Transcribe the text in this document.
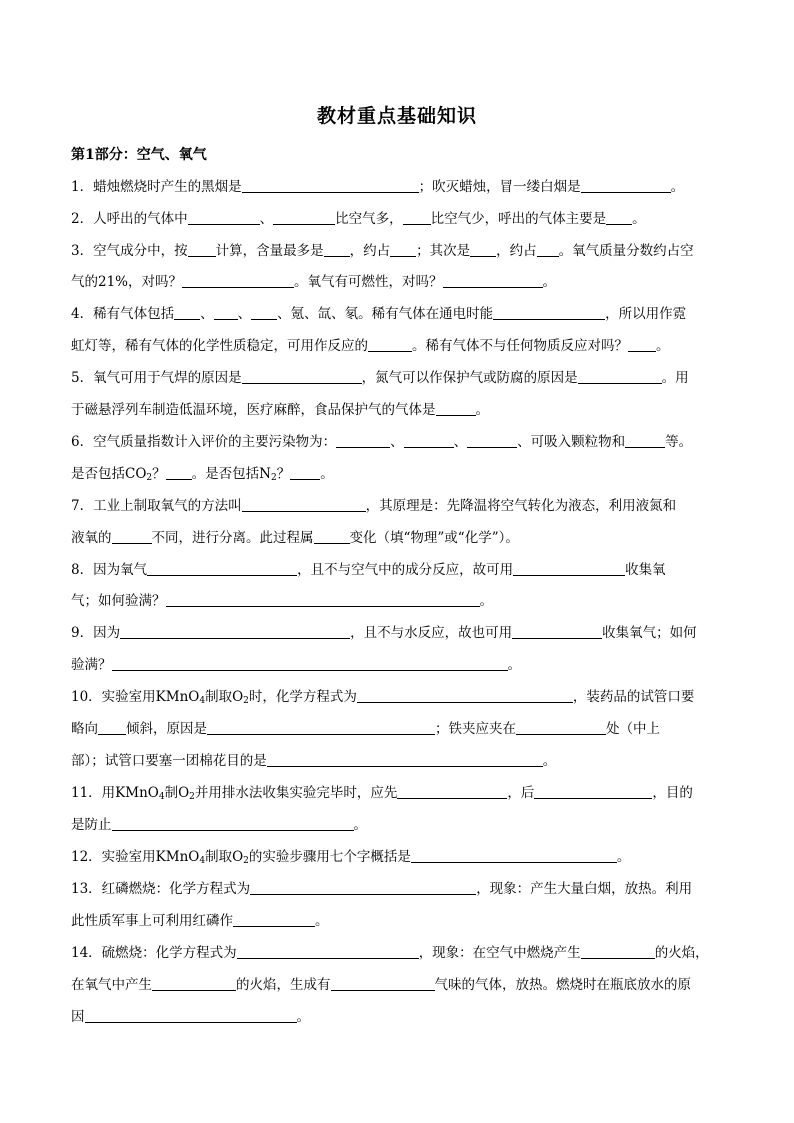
教材重点基础知识
第1部分：空气、氧气
1．蜡烛燃烧时产生的黑烟是	；吹灭蜡烛，冒一缕白烟是	。
2．人呼出的气体中	、	比空气多， 比空气少，呼出的气体主要是 。
3．空气成分中，按 计算，含量最多是 ，约占 ；其次是 ，约占 。氧气质量分数约占空
气的21%，对吗？	。氧气有可燃性，对吗？	。
4．稀有气体包括 、 、 、氪、氙、氡。稀有气体在通电时能	，所以用作霓
虹灯等，稀有气体的化学性质稳定，可用作反应的	。稀有气体不与任何物质反应对吗？ 。
5．氧气可用于气焊的原因是	，氮气可以作保护气或防腐的原因是	。用
于磁悬浮列车制造低温环境，医疗麻醉，食品保护气的气体是	。
6．空气质量指数计入评价的主要污染物为：	、	、	、可吸入颗粒物和	等。
是否包括$CO_2$？ 。是否包括$N_2$？ 。
7．工业上制取氧气的方法叫	，其原理是：先降温将空气转化为液态，利用液氮和
液氧的	不同，进行分离。此过程属	变化（填“物理”或“化学”）。
8．因为氧气	，且不与空气中的成分反应，故可用	收集氧
气；如何验满？	。
9．因为	，且不与水反应，故也可用	收集氧气；如何
验满？	。
10．实验室用KMnO$_4$制取$O_2$时，化学方程式为	，装药品的试管口要
略向 倾斜，原因是	；铁夹应夹在	处（中上
部）；试管口要塞一团棉花目的是	。
11．用KMnO$_4$制$O_2$并用排水法收集实验完毕时，应先	，后	，目的
是防止	。
12．实验室用KMnO$_4$制取$O_2$的实验步骤用七个字概括是	。
13．红磷燃烧：化学方程式为	，现象：产生大量白烟，放热。利用
此性质军事上可利用红磷作	。
14．硫燃烧：化学方程式为	，现象：在空气中燃烧产生	的火焰，
在氧气中产生	的火焰，生成有	气味的气体，放热。燃烧时在瓶底放水的原
因	。
